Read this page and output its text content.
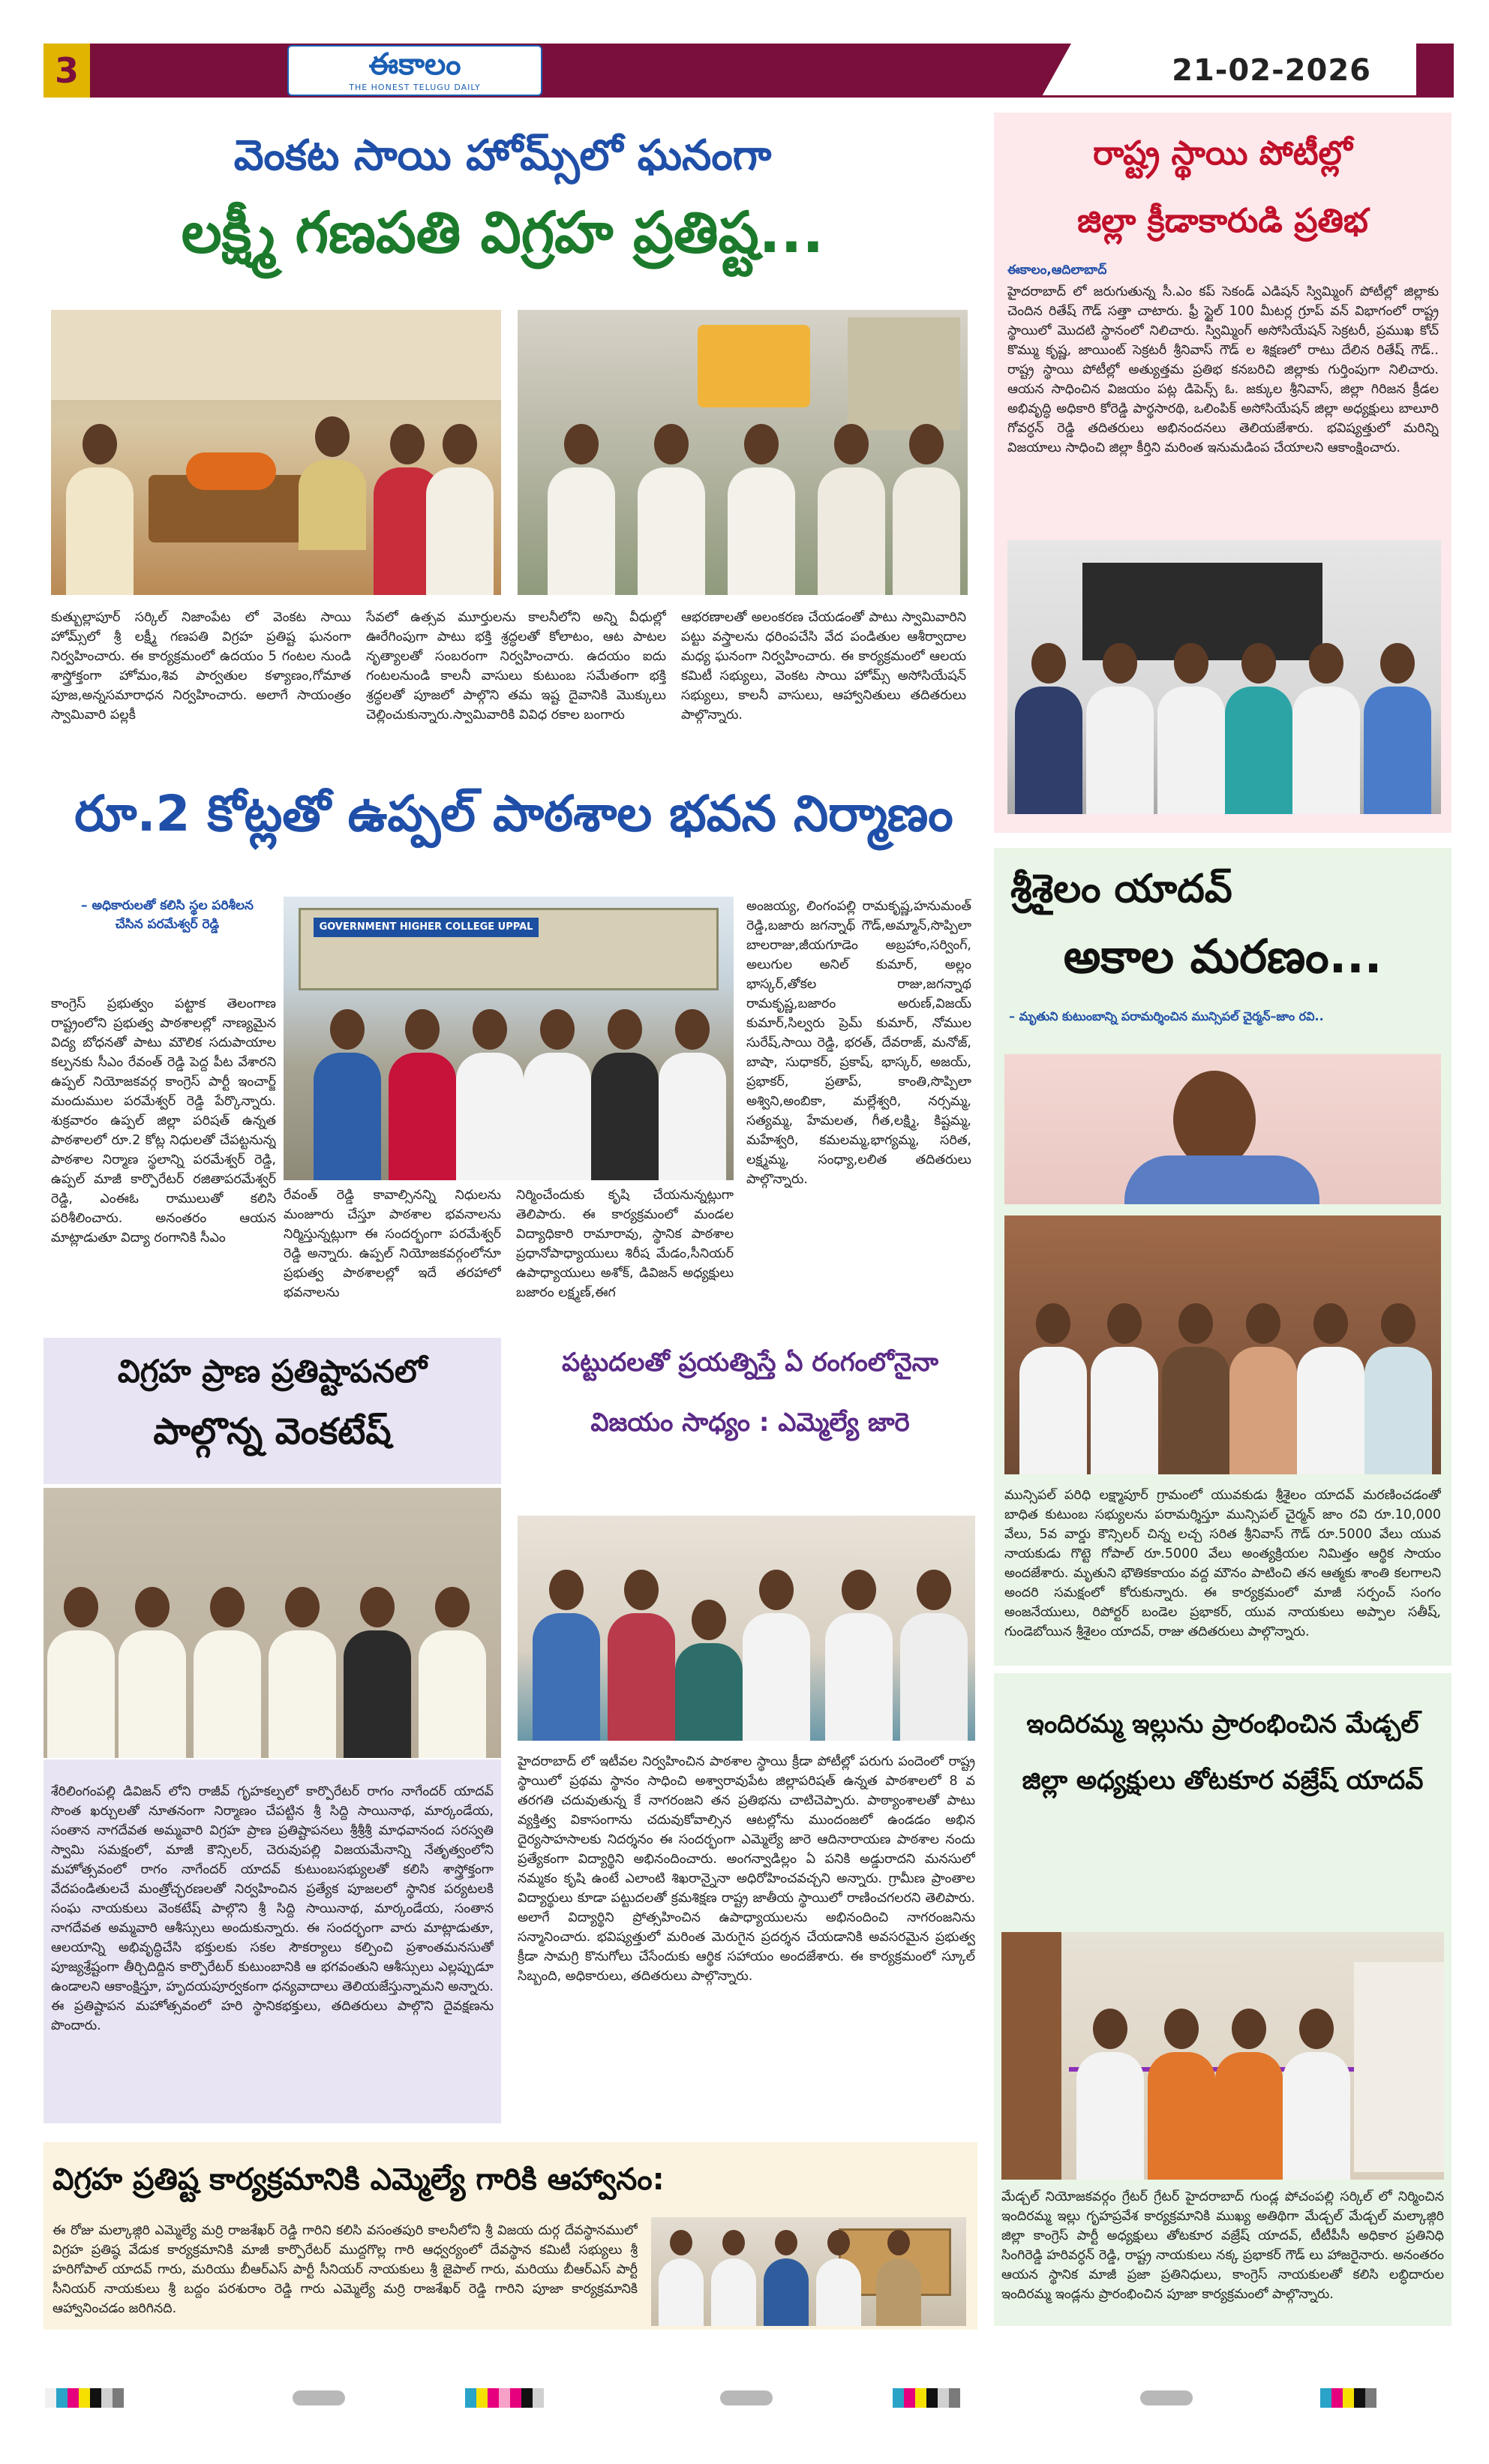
3	ఈకాలం
THE HONEST TELUGU DAILY	21-02-2026
వెంకట సాయి హోమ్స్‌లో ఘనంగా
లక్ష్మీ గణపతి విగ్రహ ప్రతిష్ట...
కుత్బుల్లాపూర్ సర్కిల్ నిజాంపేట లో వెంకట సాయి హోమ్స్‌లో శ్రీ లక్ష్మీ గణపతి విగ్రహ ప్రతిష్ట ఘనంగా నిర్వహించారు. ఈ కార్యక్రమంలో ఉదయం 5 గంటల నుండి శాస్త్రోక్తంగా హోమం,శివ పార్వతుల కళ్యాణం,గోమాత పూజ,అన్నసమారాధన నిర్వహించారు. అలాగే సాయంత్రం స్వామివారి పల్లకీ
సేవలో ఉత్సవ మూర్తులను కాలనీలోని అన్ని వీధుల్లో ఊరేగింపుగా పాటు భక్తి శ్రద్ధలతో కోలాటం, ఆట పాటల నృత్యాలతో సంబరంగా నిర్వహించారు. ఉదయం ఐదు గంటలనుండి కాలనీ వాసులు కుటుంబ సమేతంగా భక్తి శ్రద్ధలతో పూజలో పాల్గొని తమ ఇష్ట దైవానికి మొక్కులు చెల్లించుకున్నారు.స్వామివారికి వివిధ రకాల బంగారు
ఆభరణాలతో అలంకరణ చేయడంతో పాటు స్వామివారిని పట్టు వస్త్రాలను ధరింపచేసి వేద పండితుల ఆశీర్వాదాల మధ్య ఘనంగా నిర్వహించారు. ఈ కార్యక్రమంలో ఆలయ కమిటీ సభ్యులు, వెంకట సాయి హోమ్స్ అసోసియేషన్ సభ్యులు, కాలనీ వాసులు, ఆహ్వానితులు తదితరులు పాల్గొన్నారు.
రాష్ట్ర స్థాయి పోటీల్లో
జిల్లా క్రీడాకారుడి ప్రతిభ
ఈకాలం,ఆదిలాబాద్
హైదరాబాద్ లో జరుగుతున్న సీ.ఎం కప్ సెకండ్ ఎడిషన్ స్విమ్మింగ్ పోటీల్లో జిల్లాకు చెందిన రితేష్ గౌడ్ సత్తా చాటారు. ఫ్రీ స్టైల్ 100 మీటర్ల గ్రూప్ వన్ విభాగంలో రాష్ట్ర స్థాయిలో మొదటి స్థానంలో నిలిచారు. స్విమ్మింగ్ అసోసియేషన్ సెక్రటరీ, ప్రముఖ కోచ్ కొమ్ము కృష్ణ, జాయింట్ సెక్రటరీ శ్రీనివాస్ గౌడ్ ల శిక్షణలో రాటు దేలిన రితేష్ గౌడ్.. రాష్ట్ర స్థాయి పోటీల్లో అత్యుత్తమ ప్రతిభ కనబరిచి జిల్లాకు గుర్తింపుగా నిలిచారు. ఆయన సాధించిన విజయం పట్ల డిపెన్స్ ఓ. జక్కుల శ్రీనివాస్, జిల్లా గిరిజన క్రీడల అభివృద్ధి అధికారి కోరెడ్డి పార్థసారథి, ఒలింపిక్ అసోసియేషన్ జిల్లా అధ్యక్షులు బాలూరి గోవర్ధన్ రెడ్డి తదితరులు అభినందనలు తెలియజేశారు. భవిష్యత్తులో మరిన్ని విజయాలు సాధించి జిల్లా కీర్తిని మరింత ఇనుమడింప చేయాలని ఆకాంక్షించారు.
రూ.2 కోట్లతో ఉప్పల్ పాఠశాల భవన నిర్మాణం
– అధికారులతో కలిసి స్థల పరిశీలన చేసిన పరమేశ్వర్ రెడ్డి
కాంగ్రెస్ ప్రభుత్వం పట్టాక తెలంగాణ రాష్ట్రంలోని ప్రభుత్వ పాఠశాలల్లో నాణ్యమైన విద్య బోధనతో పాటు మౌలిక సదుపాయాల కల్పనకు సీఎం రేవంత్ రెడ్డి పెద్ద పీట వేశారని ఉప్పల్ నియోజకవర్గ కాంగ్రెస్ పార్టీ ఇంచార్జ్ మందుముల పరమేశ్వర్ రెడ్డి పేర్కొన్నారు. శుక్రవారం ఉప్పల్ జిల్లా పరిషత్ ఉన్నత పాఠశాలలో రూ.2 కోట్ల నిధులతో చేపట్టనున్న పాఠశాల నిర్మాణ స్థలాన్ని పరమేశ్వర్ రెడ్డి, ఉప్పల్ మాజీ కార్పొరేటర్ రజితాపరమేశ్వర్ రెడ్డి, ఎంఈఓ రాములుతో కలిసి పరిశీలించారు. అనంతరం ఆయన మాట్లాడుతూ విద్యా రంగానికి సీఎం
GOVERNMENT HIGHER COLLEGE UPPAL
రేవంత్ రెడ్డి కావాల్సినన్ని నిధులను మంజూరు చేస్తూ పాఠశాల భవనాలను నిర్మిస్తున్నట్లుగా ఈ సందర్భంగా పరమేశ్వర్ రెడ్డి అన్నారు. ఉప్పల్ నియోజకవర్గంలోనూ ప్రభుత్వ పాఠశాలల్లో ఇదే తరహాలో భవనాలను
నిర్మించేందుకు కృషి చేయనున్నట్లుగా తెలిపారు. ఈ కార్యక్రమంలో మండల విద్యాధికారి రామారావు, స్థానిక పాఠశాల ప్రధానోపాధ్యాయులు శిరీష మేడం,సీనియర్ ఉపాధ్యాయులు అశోక్, డివిజన్ అధ్యక్షులు బజారం లక్ష్మణ్,ఈగ
అంజయ్య, లింగంపల్లి రామకృష్ణ,హనుమంత్ రెడ్డి,బజారు జగన్నాథ్ గౌడ్,అమ్మాన్,సొప్పిలా బాలరాజు,జీయగూడెం అబ్రహాం,సర్వింగ్, అలుగుల అనిల్ కుమార్, అల్లం భాస్కర్,తోకల రాజు,జగన్నాథ రామకృష్ణ,బజారం అరుణ్,విజయ్ కుమార్,సిల్వరు ప్రెమ్ కుమార్, నోముల సురేష్,సాయి రెడ్డి, భరత్, దేవరాజ్, మనోజ్, బాషా, సుధాకర్, ప్రకాష్, భాస్కర్, అజయ్, ప్రభాకర్, ప్రతాప్, కాంతి,సొప్పిలా అశ్విని,అంబికా, మల్లేశ్వరి, నర్సమ్మ, సత్యమ్మ, హేమలత, గీత,లక్ష్మి, కిష్టమ్మ, మహేశ్వరి, కమలమ్మ,భాగ్యమ్మ, సరిత, లక్ష్మమ్మ, సంధ్యా,లలిత తదితరులు పాల్గొన్నారు.
శ్రీశైలం యాదవ్
అకాల మరణం...
– మృతుని కుటుంబాన్ని పరామర్శించిన మున్సిపల్ చైర్మన్–జాం రవి..
మున్సిపల్ పరిధి లక్ష్మాపూర్ గ్రామంలో యువకుడు శ్రీశైలం యాదవ్ మరణించడంతో బాధిత కుటుంబ సభ్యులను పరామర్శిస్తూ మున్సిపల్ చైర్మన్ జాం రవి రూ.10,000 వేలు, 5వ వార్డు కౌన్సిలర్ చిన్న లచ్చ సరిత శ్రీనివాస్ గౌడ్ రూ.5000 వేలు యువ నాయకుడు గొట్టె గోపాల్ రూ.5000 వేలు అంత్యక్రియల నిమిత్తం ఆర్థిక సాయం అందజేశారు. మృతుని భౌతికకాయం వద్ద మౌనం పాటించి తన ఆత్మకు శాంతి కలగాలని అందరి సమక్షంలో కోరుకున్నారు. ఈ కార్యక్రమంలో మాజీ సర్పంచ్ సంగం అంజనేయులు, రిపోర్టర్ బండెల ప్రభాకర్, యువ నాయకులు అప్పాల సతీష్, గుండెబోయిన శ్రీశైలం యాదవ్, రాజు తదితరులు పాల్గొన్నారు.
విగ్రహ ప్రాణ ప్రతిష్టాపనలో
పాల్గొన్న వెంకటేష్
శేరిలింగంపల్లి డివిజన్ లోని రాజీవ్ గృహకల్పలో కార్పొరేటర్ రాగం నాగేందర్ యాదవ్ సొంత ఖర్చులతో నూతనంగా నిర్మాణం చేపట్టిన శ్రీ సిద్ది సాయినాథ, మార్కండేయ, సంతాన నాగదేవత అమ్మవారి విగ్రహ ప్రాణ ప్రతిష్టాపనలు శ్రీశ్రీశ్రీ మాధవానంద సరస్వతి స్వామి సమక్షంలో, మాజీ కౌన్సిలర్, చెరువుపల్లి విజయమేనాన్ని నేతృత్వంలోని మహోత్సవంలో రాగం నాగేందర్ యాదవ్ కుటుంబసభ్యులతో కలిసి శాస్త్రోక్తంగా వేదపండితులచే మంత్రోచ్ఛరణలతో నిర్వహించిన ప్రత్యేక పూజలలో స్థానిక పర్యటలకి సంఘ నాయకులు వెంకటేష్ పాల్గొని శ్రీ సిద్ది సాయినాథ, మార్కండేయ, సంతాన నాగదేవత అమ్మవారి ఆశీస్సులు అందుకున్నారు. ఈ సందర్భంగా వారు మాట్లాడుతూ, ఆలయాన్ని అభివృద్ధిచేసి భక్తులకు సకల సౌకర్యాలు కల్పించి ప్రశాంతమనసుతో పూజ్యశ్రేష్టంగా తీర్చిదిద్దిన కార్పొరేటర్ కుటుంబానికి ఆ భగవంతుని ఆశీస్సులు ఎల్లప్పుడూ ఉండాలని ఆకాంక్షిస్తూ, హృదయపూర్వకంగా ధన్యవాదాలు తెలియజేస్తున్నామని అన్నారు. ఈ ప్రతిష్టాపన మహోత్సవంలో హరి స్థానికభక్తులు, తదితరులు పాల్గొని దైవక్షణను పొందారు.
పట్టుదలతో ప్రయత్నిస్తే ఏ రంగంలోనైనా
విజయం సాధ్యం : ఎమ్మెల్యే జారె
హైదరాబాద్ లో ఇటీవల నిర్వహించిన పాఠశాల స్థాయి క్రీడా పోటీల్లో పరుగు పందెంలో రాష్ట్ర స్థాయిలో ప్రథమ స్థానం సాధించి అశ్వారావుపేట జిల్లాపరిషత్ ఉన్నత పాఠశాలలో 8 వ తరగతి చదువుతున్న కే నాగరంజని తన ప్రతిభను చాటిచెప్పారు. పాఠ్యాంశాలతో పాటు వ్యక్తిత్వ వికాసంగాను చదువుకోవాల్సిన ఆటల్లోను ముందంజలో ఉండడం అభిన దైర్యసాహసాలకు నిదర్శనం ఈ సందర్భంగా ఎమ్మెల్యే జారె ఆదినారాయణ పాఠశాల నందు ప్రత్యేకంగా విద్యార్థిని అభినందించారు. అంగన్వాడిల్లం ఏ పనికి అడ్డురాదని మనసులో నమ్మకం కృషి ఉంటే ఎలాంటి శిఖరాన్నైనా అధిరోహించవచ్చని అన్నారు. గ్రామీణ ప్రాంతాల విద్యార్థులు కూడా పట్టుదలతో క్రమశిక్షణ రాష్ట్ర జాతీయ స్థాయిలో రాణించగలరని తెలిపారు. అలాగే విద్యార్థిని ప్రోత్సహించిన ఉపాధ్యాయులను అభినందించి నాగరంజనిను సన్మానించారు. భవిష్యత్తులో మరింత మెరుగైన ప్రదర్శన చేయడానికి అవసరమైన ప్రభుత్వ క్రీడా సామగ్రి కొనుగోలు చేసేందుకు ఆర్థిక సహాయం అందజేశారు. ఈ కార్యక్రమంలో స్కూల్ సిబ్బంది, అధికారులు, తదితరులు పాల్గొన్నారు.
ఇందిరమ్మ ఇల్లును ప్రారంభించిన మేడ్చల్
జిల్లా అధ్యక్షులు తోటకూర వజ్రేష్ యాదవ్
మేడ్చల్ నియోజకవర్గం గ్రేటర్ గ్రేటర్ హైదరాబాద్ గుండ్ల పోచంపల్లి సర్కిల్ లో నిర్మించిన ఇందిరమ్మ ఇల్లు గృహప్రవేశ కార్యక్రమానికి ముఖ్య అతిథిగా మేడ్చల్ మేడ్చల్ మల్కాజ్గిరి జిల్లా కాంగ్రెస్ పార్టీ అధ్యక్షులు తోటకూర వజ్రేష్ యాదవ్, టీటీపీసీ అధికార ప్రతినిధి సింగిరెడ్డి హరివర్ధన్ రెడ్డి, రాష్ట్ర నాయకులు నక్క ప్రభాకర్ గౌడ్ లు హాజరైనారు. అనంతరం ఆయన స్థానిక మాజీ ప్రజా ప్రతినిధులు, కాంగ్రెస్ నాయకులతో కలిసి లబ్ధిదారుల ఇందిరమ్మ ఇండ్లను ప్రారంభించిన పూజా కార్యక్రమంలో పాల్గొన్నారు.
విగ్రహ ప్రతిష్ట కార్యక్రమానికి ఎమ్మెల్యే గారికి ఆహ్వానం:
ఈ రోజు మల్కాజ్గిరి ఎమ్మెల్యే మర్రి రాజశేఖర్ రెడ్డి గారిని కలిసి వసంతపురి కాలనీలోని శ్రీ విజయ దుర్గ దేవస్థానములో విగ్రహ ప్రతిష్ఠ వేడుక కార్యక్రమానికి మాజీ కార్పొరేటర్ ముద్దగొల్ల గారి ఆధ్వర్యంలో దేవస్థాన కమిటీ సభ్యులు శ్రీ హరిగోపాల్ యాదవ్ గారు, మరియు బీఆర్ఎస్ పార్టీ సీనియర్ నాయకులు శ్రీ జైపాల్ గారు, మరియు బీఆర్ఎస్ పార్టీ సీనియర్ నాయకులు శ్రీ బద్దం పరశురాం రెడ్డి గారు ఎమ్మెల్యే మర్రి రాజశేఖర్ రెడ్డి గారిని పూజా కార్యక్రమానికి ఆహ్వానించడం జరిగినది.
